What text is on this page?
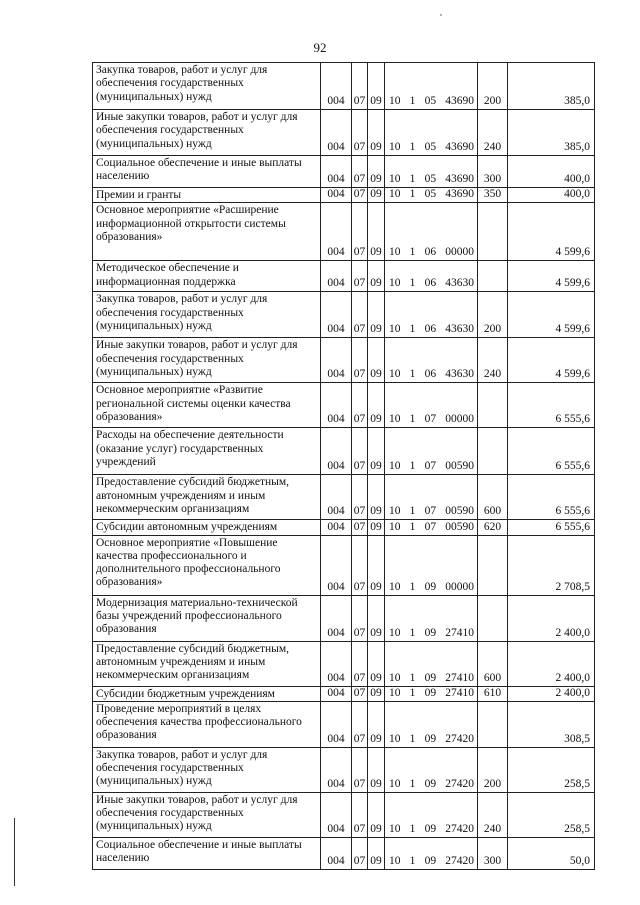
92
Закупка товаров, работ и услуг для обеспечения государственных (муниципальных) нужд	004	07	09	10 1 05 43690	200	385,0
Иные закупки товаров, работ и услуг для обеспечения государственных (муниципальных) нужд	004	07	09	10 1 05 43690	240	385,0
Социальное обеспечение и иные выплаты населению	004	07	09	10 1 05 43690	300	400,0
Премии и гранты	004	07	09	10 1 05 43690	350	400,0
Основное мероприятие «Расширение информационной открытости системы образования»	004	07	09	10 1 06 00000		4 599,6
Методическое обеспечение и информационная поддержка	004	07	09	10 1 06 43630		4 599,6
Закупка товаров, работ и услуг для обеспечения государственных (муниципальных) нужд	004	07	09	10 1 06 43630	200	4 599,6
Иные закупки товаров, работ и услуг для обеспечения государственных (муниципальных) нужд	004	07	09	10 1 06 43630	240	4 599,6
Основное мероприятие «Развитие региональной системы оценки качества образования»	004	07	09	10 1 07 00000		6 555,6
Расходы на обеспечение деятельности (оказание услуг) государственных учреждений	004	07	09	10 1 07 00590		6 555,6
Предоставление субсидий бюджетным, автономным учреждениям и иным некоммерческим организациям	004	07	09	10 1 07 00590	600	6 555,6
Субсидии автономным учреждениям	004	07	09	10 1 07 00590	620	6 555,6
Основное мероприятие «Повышение качества профессионального и дополнительного профессионального образования»	004	07	09	10 1 09 00000		2 708,5
Модернизация материально-технической базы учреждений профессионального образования	004	07	09	10 1 09 27410		2 400,0
Предоставление субсидий бюджетным, автономным учреждениям и иным некоммерческим организациям	004	07	09	10 1 09 27410	600	2 400,0
Субсидии бюджетным учреждениям	004	07	09	10 1 09 27410	610	2 400,0
Проведение мероприятий в целях обеспечения качества профессионального образования	004	07	09	10 1 09 27420		308,5
Закупка товаров, работ и услуг для обеспечения государственных (муниципальных) нужд	004	07	09	10 1 09 27420	200	258,5
Иные закупки товаров, работ и услуг для обеспечения государственных (муниципальных) нужд	004	07	09	10 1 09 27420	240	258,5
Социальное обеспечение и иные выплаты населению	004	07	09	10 1 09 27420	300	50,0
